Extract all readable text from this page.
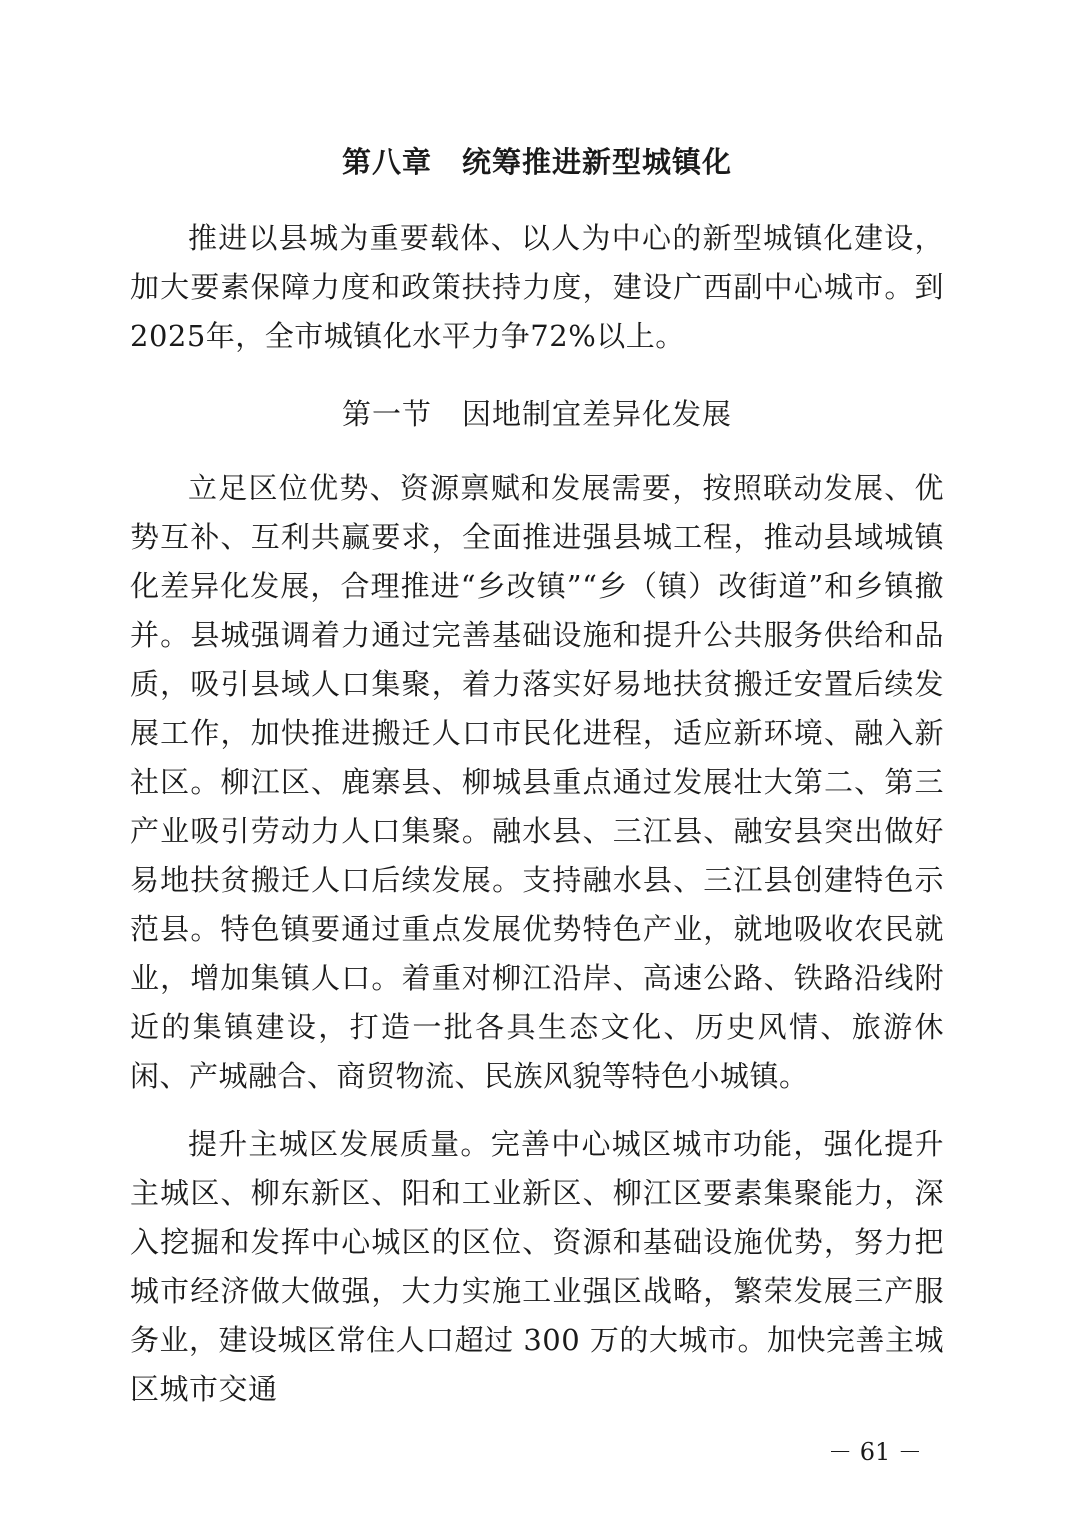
第八章　统筹推进新型城镇化

推进以县城为重要载体、以人为中心的新型城镇化建设，加大要素保障力度和政策扶持力度，建设广西副中心城市。到2025年，全市城镇化水平力争72%以上。

第一节　因地制宜差异化发展

立足区位优势、资源禀赋和发展需要，按照联动发展、优势互补、互利共赢要求，全面推进强县城工程，推动县域城镇化差异化发展，合理推进“乡改镇”“乡（镇）改街道”和乡镇撤并。县城强调着力通过完善基础设施和提升公共服务供给和品质，吸引县域人口集聚，着力落实好易地扶贫搬迁安置后续发展工作，加快推进搬迁人口市民化进程，适应新环境、融入新社区。柳江区、鹿寨县、柳城县重点通过发展壮大第二、第三产业吸引劳动力人口集聚。融水县、三江县、融安县突出做好易地扶贫搬迁人口后续发展。支持融水县、三江县创建特色示范县。特色镇要通过重点发展优势特色产业，就地吸收农民就业，增加集镇人口。着重对柳江沿岸、高速公路、铁路沿线附近的集镇建设，打造一批各具生态文化、历史风情、旅游休闲、产城融合、商贸物流、民族风貌等特色小城镇。

提升主城区发展质量。完善中心城区城市功能，强化提升主城区、柳东新区、阳和工业新区、柳江区要素集聚能力，深入挖掘和发挥中心城区的区位、资源和基础设施优势，努力把城市经济做大做强，大力实施工业强区战略，繁荣发展三产服务业，建设城区常住人口超过 300 万的大城市。加快完善主城区城市交通

－ 61 －
